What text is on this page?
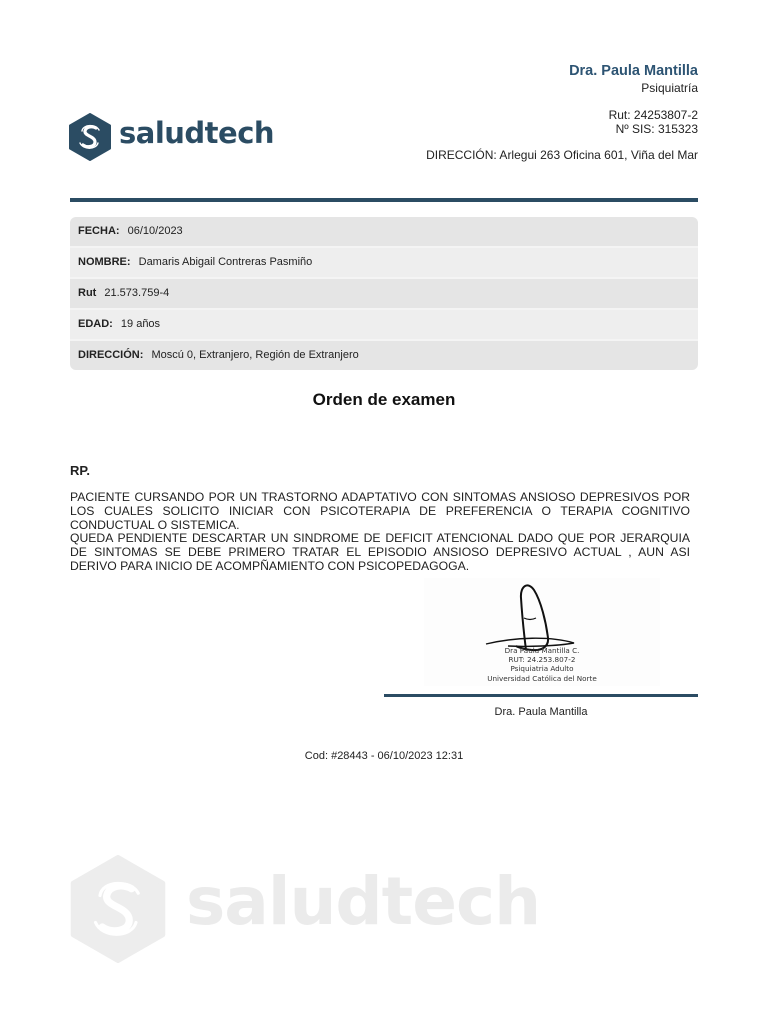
saludtech
Dra. Paula Mantilla
Psiquiatría
Rut: 24253807-2
Nº SIS: 315323
DIRECCIÓN: Arlegui 263 Oficina 601, Viña del Mar
FECHA: 06/10/2023
NOMBRE: Damaris Abigail Contreras Pasmiño
Rut 21.573.759-4
EDAD: 19 años
DIRECCIÓN: Moscú 0, Extranjero, Región de Extranjero
Orden de examen
RP.

PACIENTE CURSANDO POR UN TRASTORNO ADAPTATIVO CON SINTOMAS ANSIOSO DEPRESIVOS POR LOS CUALES SOLICITO INICIAR CON PSICOTERAPIA DE PREFERENCIA O TERAPIA COGNITIVO CONDUCTUAL O SISTEMICA.

QUEDA PENDIENTE DESCARTAR UN SINDROME DE DEFICIT ATENCIONAL DADO QUE POR JERARQUIA DE SINTOMAS SE DEBE PRIMERO TRATAR EL EPISODIO ANSIOSO DEPRESIVO ACTUAL , AUN ASI DERIVO PARA INICIO DE ACOMPÑAMIENTO CON PSICOPEDAGOGA.

Dra Paula Mantilla C.
RUT: 24.253.807-2
Psiquiatria Adulto
Universidad Católica del Norte
Dra. Paula Mantilla
Cod: #28443 - 06/10/2023 12:31
saludtech
